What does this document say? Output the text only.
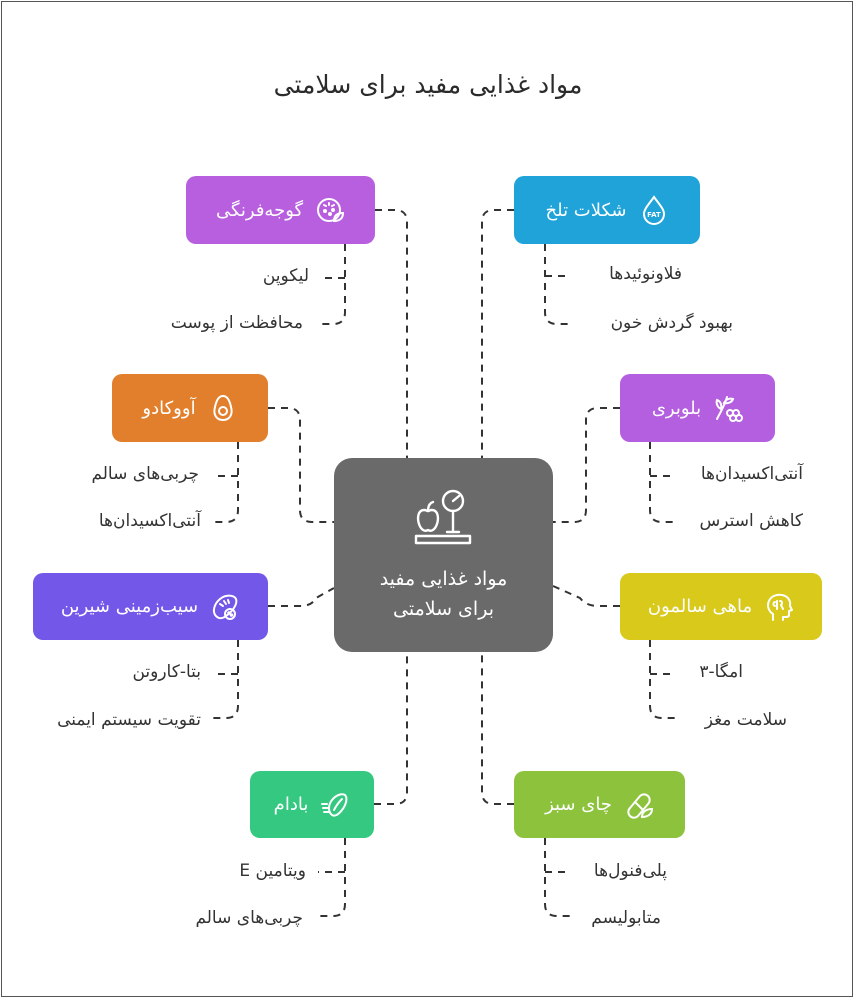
مواد غذایی مفید برای سلامتی
مواد غذایی مفید
برای سلامتی
گوجه‌فرنگی
لیکوپن
محافظت از پوست
FAT
شکلات تلخ
فلاونوئیدها
بهبود گردش خون
آووکادو
چربی‌های سالم
آنتی‌اکسیدان‌ها
بلوبری
آنتی‌اکسیدان‌ها
کاهش استرس
سیب‌زمینی شیرین
بتا-کاروتن
تقویت سیستم ایمنی
ماهی سالمون
امگا-۳
سلامت مغز
بادام
ویتامین E
چربی‌های سالم
چای سبز
پلی‌فنول‌ها
متابولیسم
